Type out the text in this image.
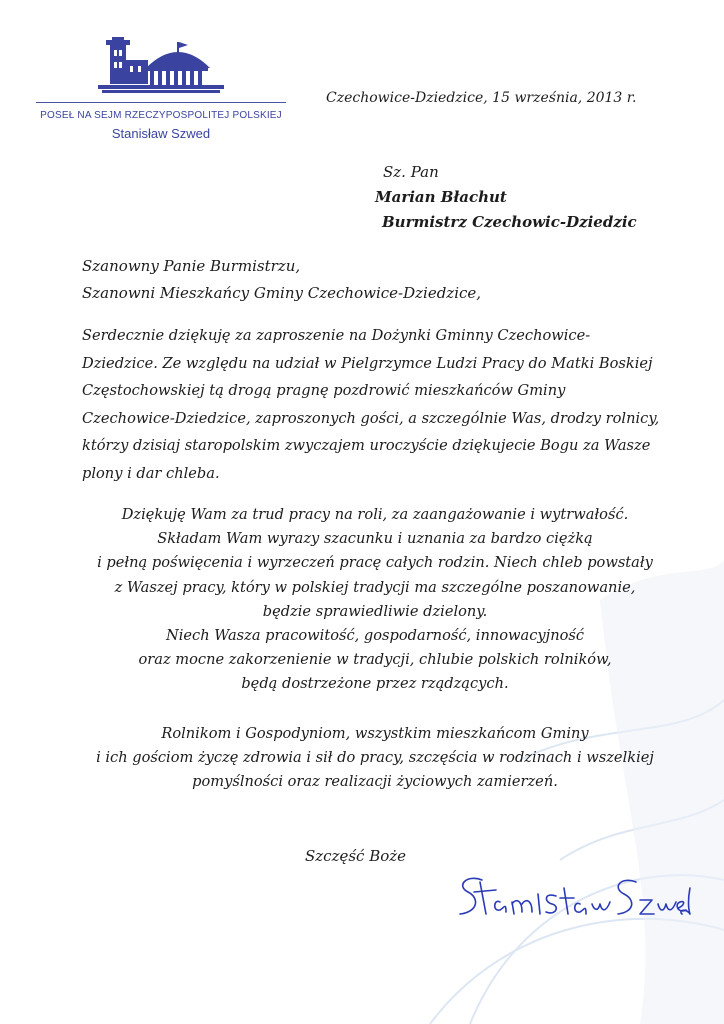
POSEŁ NA SEJM RZECZYPOSPOLITEJ POLSKIEJ
Stanisław Szwed
Czechowice-Dziedzice, 15 września, 2013 r.
Sz. Pan
Marian Błachut
Burmistrz Czechowic-Dziedzic
Szanowny Panie Burmistrzu,
Szanowni Mieszkańcy Gminy Czechowice-Dziedzice,

Serdecznie dziękuję za zaproszenie na Dożynki Gminny Czechowice-Dziedzice. Ze względu na udział w Pielgrzymce Ludzi Pracy do Matki Boskiej Częstochowskiej tą drogą pragnę pozdrowić mieszkańców Gminy Czechowice-Dziedzice, zaproszonych gości, a szczególnie Was, drodzy rolnicy, którzy dzisiaj staropolskim zwyczajem uroczyście dziękujecie Bogu za Wasze plony i dar chleba.

Dziękuję Wam za trud pracy na roli, za zaangażowanie i wytrwałość.
Składam Wam wyrazy szacunku i uznania za bardzo ciężką
i pełną poświęcenia i wyrzeczeń pracę całych rodzin. Niech chleb powstały
z Waszej pracy, który w polskiej tradycji ma szczególne poszanowanie,
będzie sprawiedliwie dzielony.
Niech Wasza pracowitość, gospodarność, innowacyjność
oraz mocne zakorzenienie w tradycji, chlubie polskich rolników,
będą dostrzeżone przez rządzących.
Rolnikom i Gospodyniom, wszystkim mieszkańcom Gminy
i ich gościom życzę zdrowia i sił do pracy, szczęścia w rodzinach i wszelkiej
pomyślności oraz realizacji życiowych zamierzeń.
Szczęść Boże
